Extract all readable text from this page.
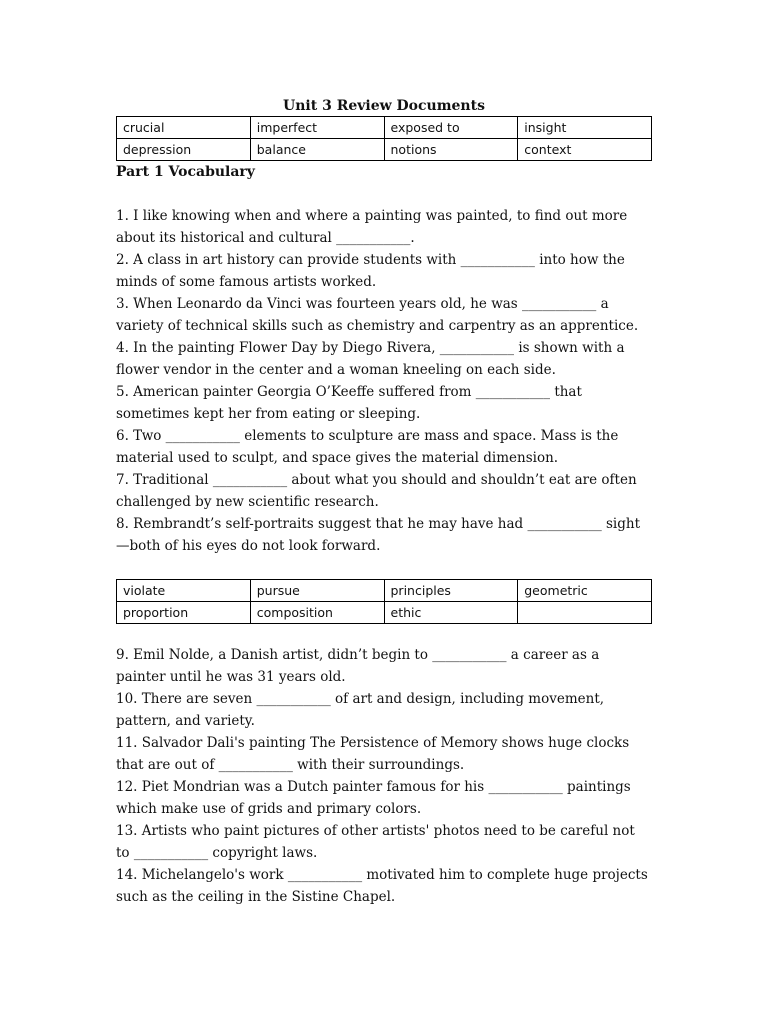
Unit 3 Review Documents
crucial	imperfect	exposed to	insight
depression	balance	notions	context
Part 1 Vocabulary

1. I like knowing when and where a painting was painted, to find out more about its historical and cultural ___________.

2. A class in art history can provide students with ___________ into how the minds of some famous artists worked.

3. When Leonardo da Vinci was fourteen years old, he was ___________ a variety of technical skills such as chemistry and carpentry as an apprentice.

4. In the painting Flower Day by Diego Rivera, ___________ is shown with a flower vendor in the center and a woman kneeling on each side.

5. American painter Georgia O’Keeffe suffered from ___________ that sometimes kept her from eating or sleeping.

6. Two ___________ elements to sculpture are mass and space. Mass is the material used to sculpt, and space gives the material dimension.

7. Traditional ___________ about what you should and shouldn’t eat are often challenged by new scientific research.

8. Rembrandt’s self-portraits suggest that he may have had ___________ sight—both of his eyes do not look forward.

violate	pursue	principles	geometric
proportion	composition	ethic	

9. Emil Nolde, a Danish artist, didn’t begin to ___________ a career as a painter until he was 31 years old.

10. There are seven ___________ of art and design, including movement, pattern, and variety.

11. Salvador Dali's painting The Persistence of Memory shows huge clocks that are out of ___________ with their surroundings.

12. Piet Mondrian was a Dutch painter famous for his ___________ paintings which make use of grids and primary colors.

13. Artists who paint pictures of other artists' photos need to be careful not to ___________ copyright laws.

14. Michelangelo's work ___________ motivated him to complete huge projects such as the ceiling in the Sistine Chapel.
